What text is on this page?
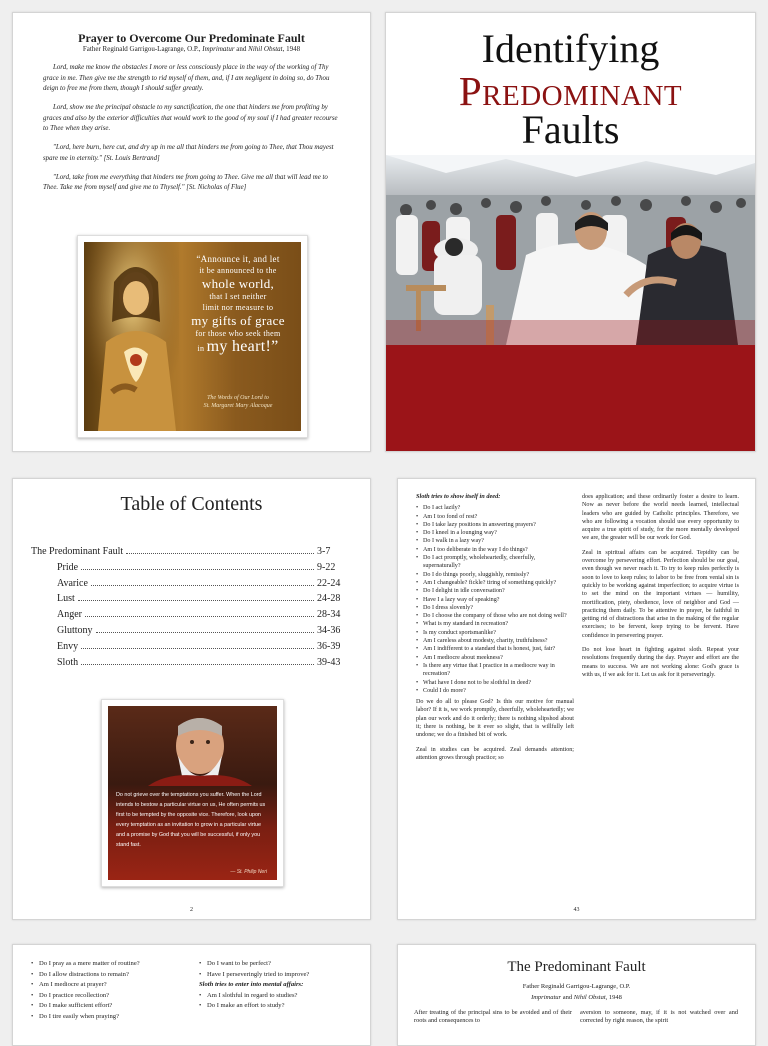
Prayer to Overcome Our Predominate Fault
Father Reginald Garrigou-Lagrange, O.P., Imprimatur and Nihil Obstat, 1948

Lord, make me know the obstacles I more or less consciously place in the way of the working of Thy grace in me. Then give me the strength to rid myself of them, and, if I am negligent in doing so, do Thou deign to free me from them, though I should suffer greatly.

Lord, show me the principal obstacle to my sanctification, the one that hinders me from profiting by graces and also by the exterior difficulties that would work to the good of my soul if I had greater recourse to Thee when they arise.

"Lord, here burn, here cut, and dry up in me all that hinders me from going to Thee, that Thou mayest spare me in eternity." [St. Louis Bertrand]

"Lord, take from me everything that hinders me from going to Thee. Give me all that will lead me to Thee. Take me from myself and give me to Thyself." [St. Nicholas of Flue]

“Announce it, and let
it be announced to the
whole world,
that I set neither
limit nor measure to
my gifts of grace
for those who seek them
in my heart!”
The Words of Our Lord to
St. Margaret Mary Alacoque
Identifying
Predominant
Faults
Table of Contents
The Predominant Fault	3-7
Pride	9-22
Avarice	22-24
Lust	24-28
Anger	28-34
Gluttony	34-36
Envy	36-39
Sloth	39-43
Do not grieve over the temptations you suffer. When the Lord intends to bestow a particular virtue on us, He often permits us first to be tempted by the opposite vice. Therefore, look upon every temptation as an invitation to grow in a particular virtue and a promise by God that you will be successful, if only you stand fast.
— St. Philip Neri
2
Sloth tries to show itself in deed:
• Do I act lazily?
• Am I too fond of rest?
• Do I take lazy positions in answering prayers?
• Do I kneel in a lounging way?
• Do I walk in a lazy way?
• Am I too deliberate in the way I do things?
• Do I act promptly, wholeheartedly, cheerfully, supernaturally?
• Do I do things poorly, sluggishly, remissly?
• Am I changeable? fickle? tiring of something quickly?
• Do I delight in idle conversation?
• Have I a lazy way of speaking?
• Do I dress slovenly?
• Do I choose the company of those who are not doing well?
• What is my standard in recreation?
• Is my conduct sportsmanlike?
• Am I careless about modesty, charity, truthfulness?
• Am I indifferent to a standard that is honest, just, fair?
• Am I mediocre about meekness?
• Is there any virtue that I practice in a mediocre way in recreation?
• What have I done not to be slothful in deed?
• Could I do more?

Do we do all to please God? Is this our motive for manual labor? If it is, we work promptly, cheerfully, wholeheartedly; we plan our work and do it orderly; there is nothing slipshod about it; there is nothing, be it ever so slight, that is willfully left undone; we do a finished bit of work.

Zeal in studies can be acquired. Zeal demands attention; attention grows through practice; so

does application; and these ordinarily foster a desire to learn. Now as never before the world needs learned, intellectual leaders who are guided by Catholic principles. Therefore, we who are following a vocation should use every opportunity to acquire a true spirit of study, for the more mentally developed we are, the greater will be our work for God.

Zeal in spiritual affairs can be acquired. Tepidity can be overcome by persevering effort. Perfection should be our goal, even though we never reach it. To try to keep rules perfectly is soon to love to keep rules; to labor to be free from venial sin is quickly to be working against imperfection; to acquire virtue is to set the mind on the important virtues — humility, mortification, piety, obedience, love of neighbor and God — practicing them daily. To be attentive in prayer, be faithful in getting rid of distractions that arise in the making of the regular exercises; to be fervent, keep trying to be fervent. Have confidence in persevering prayer.

Do not lose heart in fighting against sloth. Repeat your resolutions frequently during the day. Prayer and effort are the means to success. We are not working alone: God's grace is with us, if we ask for it. Let us ask for it perseveringly.

43
• Do I pray as a mere matter of routine?
• Do I allow distractions to remain?
• Am I mediocre at prayer?
• Do I practice recollection?
• Do I make sufficient effort?
• Do I tire easily when praying?
• Do I want to be perfect?
• Have I perseveringly tried to improve?
Sloth tries to enter into mental affairs:
• Am I slothful in regard to studies?
• Do I make an effort to study?
The Predominant Fault
Father Reginald Garrigou-Lagrange, O.P.
Imprimatur and Nihil Obstat, 1948
After treating of the principal sins to be avoided and of their roots and consequences to
aversion to someone, may, if it is not watched over and corrected by right reason, the spirit
